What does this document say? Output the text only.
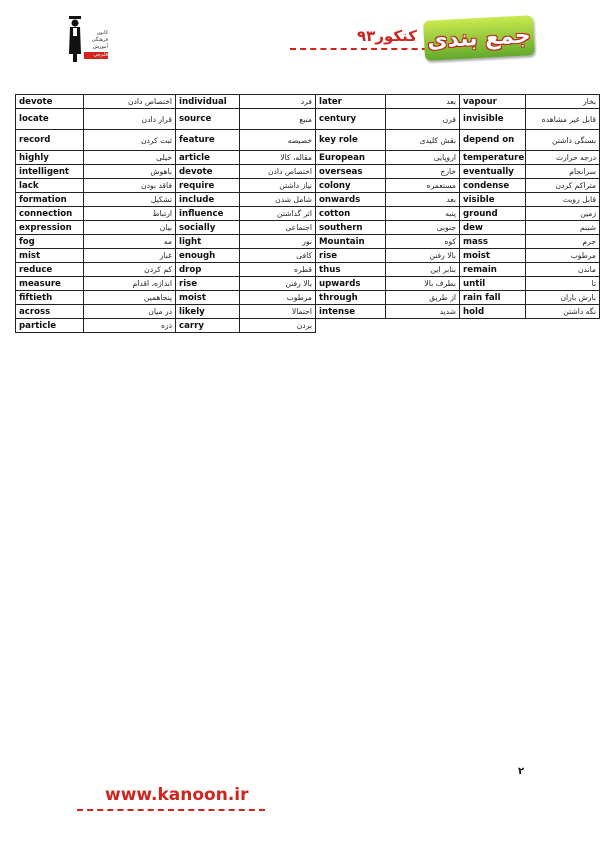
کانون
فرهنگی
آموزش
قلم‌چی
کنکور۹۳ جمع بندی
devote	اختصاص دادن	individual	فرد	later	بعد	vapour	بخار
locate	قرار دادن	source	منبع	century	قرن	invisible	قابل غیر مشاهده
record	ثبت کردن	feature	خصیصه	key role	نقش کلیدی	depend on	بستگی داشتن
highly	خیلی	article	مقاله، کالا	European	اروپایی	temperature	درجه حرارت
intelligent	باهوش	devote	اختصاص دادن	overseas	خارج	eventually	سرانجام
lack	فاقد بودن	require	نیاز داشتن	colony	مستعمره	condense	متراکم کردن
formation	تشکیل	include	شامل شدن	onwards	بعد	visible	قابل رویت
connection	ارتباط	influence	اثر گذاشتن	cotton	پنبه	ground	زمین
expression	بیان	socially	اجتماعی	southern	جنوبی	dew	شبنم
fog	مه	light	نور	Mountain	کوه	mass	جرم
mist	غبار	enough	کافی	rise	بالا رفتن	moist	مرطوب
reduce	کم کردن	drop	قطره	thus	بنابر این	remain	ماندن
measure	اندازه، اقدام	rise	بالا رفتن	upwards	بطرف بالا	until	تا
fiftieth	پنجاهمین	moist	مرطوب	through	از طریق	rain fall	بارش باران
across	در میان	likely	احتمالا	intense	شدید	hold	نگه داشتن
particle	ذره	carry	بردن				
۲
www.kanoon.ir
